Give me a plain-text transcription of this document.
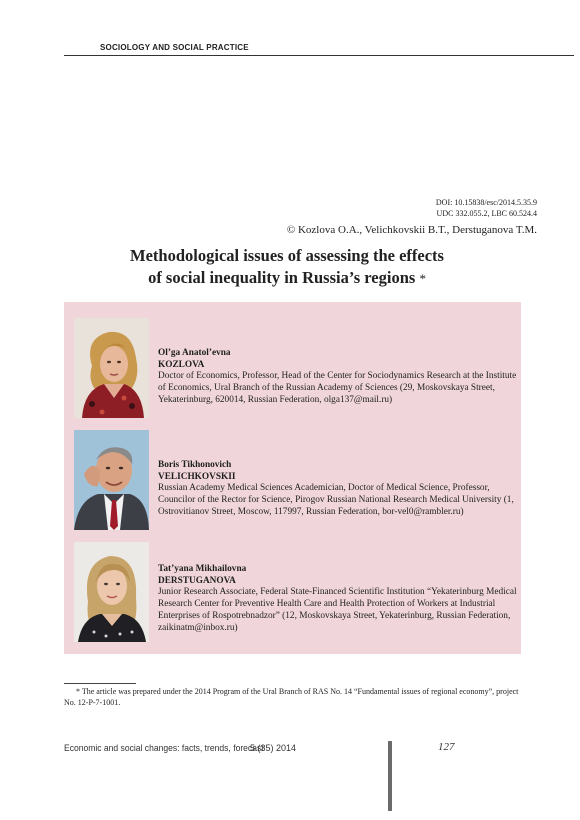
SOCIOLOGY AND SOCIAL PRACTICE
DOI: 10.15838/esc/2014.5.35.9
UDC 332.055.2, LBC 60.524.4
© Kozlova O.A., Velichkovskii B.T., Derstuganova T.M.
Methodological issues of assessing the effects
of social inequality in Russia’s regions *
Ol’ga Anatol’evna
KOZLOVA
Doctor of Economics, Professor, Head of the Center for Sociodynamics Research at the Institute of Economics, Ural Branch of the Russian Academy of Sciences (29, Moskovskaya Street, Yekaterinburg, 620014, Russian Federation, olga137@mail.ru)
Boris Tikhonovich
VELICHKOVSKII
Russian Academy Medical Sciences Academician, Doctor of Medical Science, Professor, Councilor of the Rector for Science, Pirogov Russian National Research Medical University (1, Ostrovitianov Street, Moscow, 117997, Russian Federation, bor-vel0@rambler.ru)
Tat’yana Mikhailovna
DERSTUGANOVA
Junior Research Associate, Federal State-Financed Scientific Institution “Yekaterinburg Medical Research Center for Preventive Health Care and Health Protection of Workers at Industrial Enterprises of Rospotrebnadzor” (12, Moskovskaya Street, Yekaterinburg, Russian Federation, zaikinatm@inbox.ru)
* The article was prepared under the 2014 Program of the Ural Branch of RAS No. 14 “Fundamental issues of regional economy”, project No. 12-P-7-1001.
Economic and social changes: facts, trends, forecast
5 (35) 2014	127
